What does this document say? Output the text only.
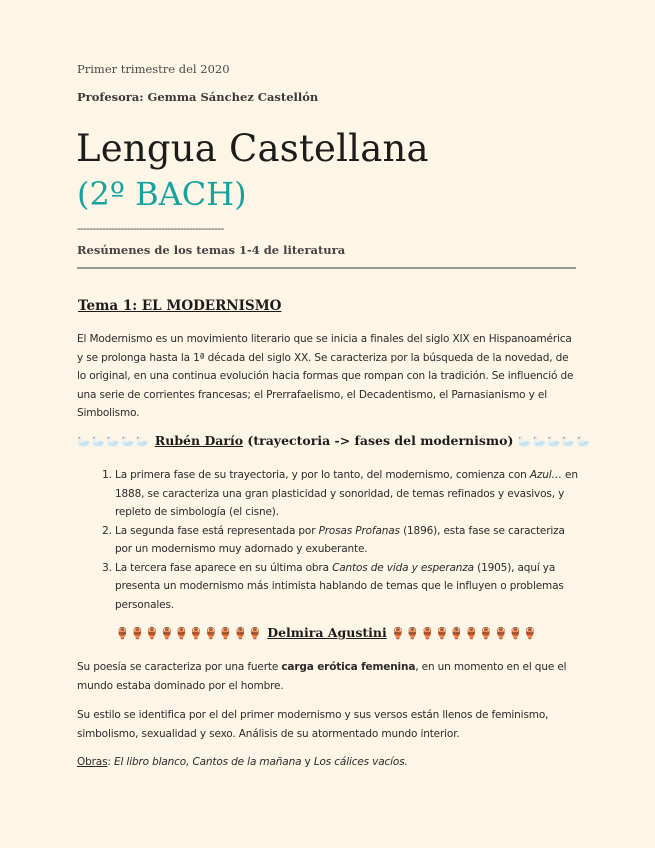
Primer trimestre del 2020
Profesora: Gemma Sánchez Castellón
Lengua Castellana
(2º BACH)
-----------------------------------------------
Resúmenes de los temas 1-4 de literatura
Tema 1: EL MODERNISMO
El Modernismo es un movimiento literario que se inicia a finales del siglo XIX en Hispanoamérica y se prolonga hasta la 1ª década del siglo XX. Se caracteriza por la búsqueda de la novedad, de lo original, en una continua evolución hacia formas que rompan con la tradición. Se influenció de una serie de corrientes francesas; el Prerrafaelismo, el Decadentismo, el Parnasianismo y el Simbolismo.
🦢🦢🦢🦢🦢 Rubén Darío (trayectoria -> fases del modernismo) 🦢🦢🦢🦢🦢
1. La primera fase de su trayectoria, y por lo tanto, del modernismo, comienza con Azul… en 1888, se caracteriza una gran plasticidad y sonoridad, de temas refinados y evasivos, y repleto de simbología (el cisne).
2. La segunda fase está representada por Prosas Profanas (1896), esta fase se caracteriza por un modernismo muy adornado y exuberante.
3. La tercera fase aparece en su última obra Cantos de vida y esperanza (1905), aquí ya presenta un modernismo más intimista hablando de temas que le influyen o problemas personales.
🏺🏺🏺🏺🏺🏺🏺🏺🏺🏺 Delmira Agustini 🏺🏺🏺🏺🏺🏺🏺🏺🏺🏺
Su poesía se caracteriza por una fuerte carga erótica femenina, en un momento en el que el mundo estaba dominado por el hombre.
Su estilo se identifica por el del primer modernismo y sus versos están llenos de feminismo, simbolismo, sexualidad y sexo. Análisis de su atormentado mundo interior.
Obras: El libro blanco, Cantos de la mañana y Los cálices vacíos.
